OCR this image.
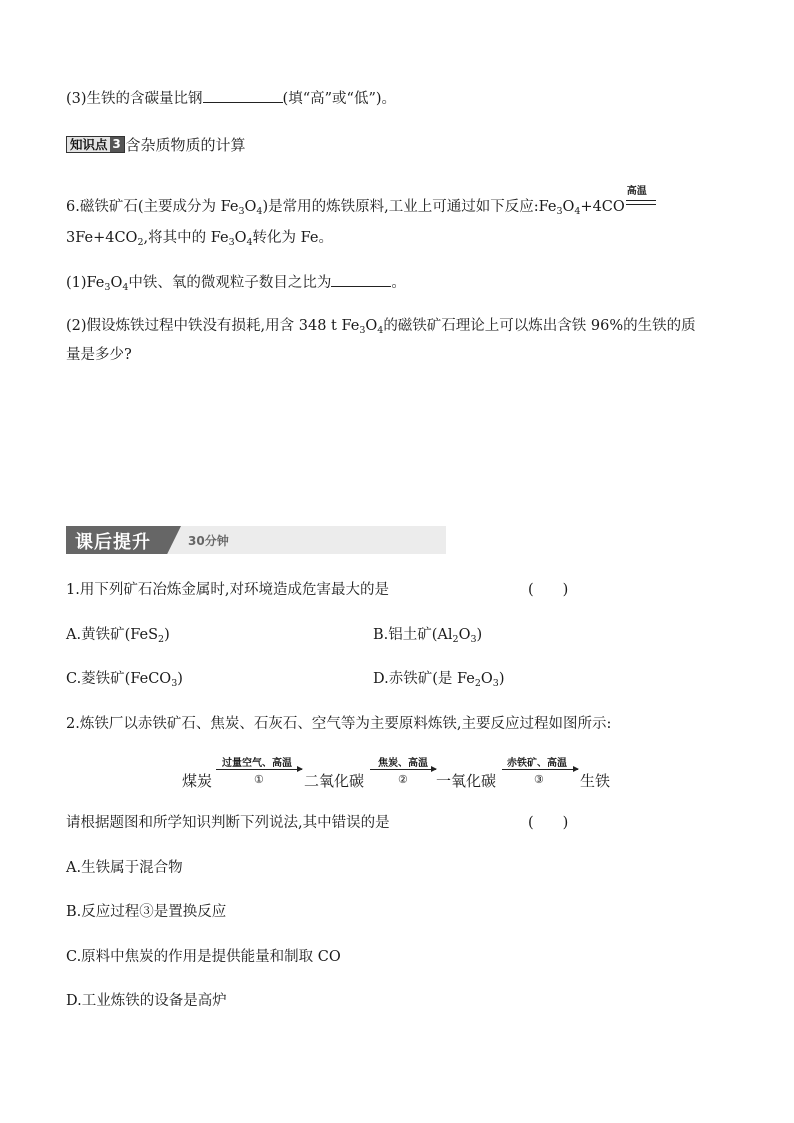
(3)生铁的含碳量比钢	(填“高”或“低”)。
知识点 3 含杂质物质的计算
6.磁铁矿石(主要成分为 $Fe_3O_4$)是常用的炼铁原料,工业上可通过如下反应$:Fe_3O_4+4CO$
高温
$3Fe+4CO_2$,将其中的 $Fe_3O_4$转化为 Fe。
$(1)Fe_3O_4$中铁、氧的微观粒子数目之比为	。
(2)假设炼铁过程中铁没有损耗,用含 348 t $Fe_3O_4$的磁铁矿石理论上可以炼出含铁 96%的生铁的质
量是多少?
课后提升	30分钟
1.用下列矿石冶炼金属时,对环境造成危害最大的是	(　　)
A.黄铁矿(FeS$_2$)	B.铝土矿$(Al_2O_3)$
C.菱铁矿(FeCO$_3$)	D.赤铁矿(是 $Fe_2O_3$)
2.炼铁厂以赤铁矿石、焦炭、石灰石、空气等为主要原料炼铁,主要反应过程如图所示:
煤炭
过量空气、高温
①	二氧化碳
焦炭、高温
② 一氧化碳
赤铁矿、高温
③ 生铁
请根据题图和所学知识判断下列说法,其中错误的是	(　　)
A.生铁属于混合物
B.反应过程③是置换反应
C.原料中焦炭的作用是提供能量和制取 CO
D.工业炼铁的设备是高炉
